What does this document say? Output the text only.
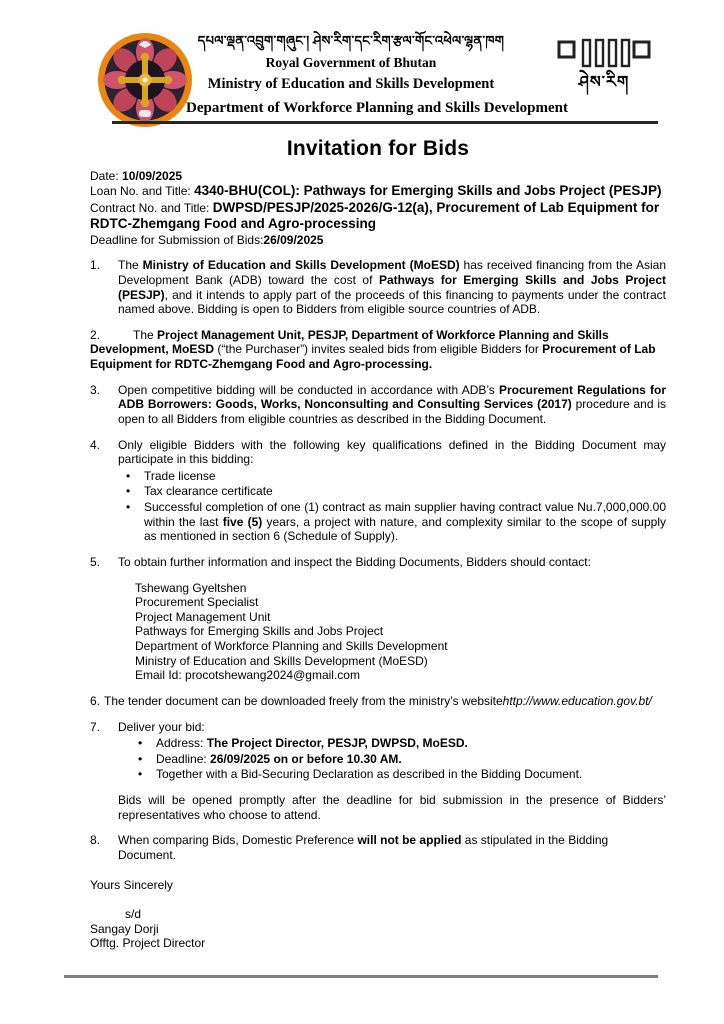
དཔལ་ལྡན་འབྲུག་གཞུང་། ཤེས་རིག་དང་རིག་རྩལ་གོང་འཕེལ་ལྷན་ཁག
Royal Government of Bhutan
Ministry of Education and Skills Development
Department of Workforce Planning and Skills Development
ཤེས་རིག
Invitation for Bids

Date: 10/09/2025

Loan No. and Title: 4340-BHU(COL): Pathways for Emerging Skills and Jobs Project (PESJP)

Contract No. and Title: DWPSD/PESJP/2025-2026/G-12(a), Procurement of Lab Equipment for RDTC-Zhemgang Food and Agro-processing

Deadline for Submission of Bids:26/09/2025

1.	The Ministry of Education and Skills Development (MoESD) has received financing from the Asian Development Bank (ADB) toward the cost of Pathways for Emerging Skills and Jobs Project (PESJP), and it intends to apply part of the proceeds of this financing to payments under the contract named above. Bidding is open to Bidders from eligible source countries of ADB.

2.	The Project Management Unit, PESJP, Department of Workforce Planning and Skills Development, MoESD (“the Purchaser”) invites sealed bids from eligible Bidders for Procurement of Lab Equipment for RDTC-Zhemgang Food and Agro-processing.

3.	Open competitive bidding will be conducted in accordance with ADB’s Procurement Regulations for ADB Borrowers: Goods, Works, Nonconsulting and Consulting Services (2017) procedure and is open to all Bidders from eligible countries as described in the Bidding Document.
4.	Only eligible Bidders with the following key qualifications defined in the Bidding Document may participate in this bidding:
•	Trade license
•	Tax clearance certificate
•	Successful completion of one (1) contract as main supplier having contract value Nu.7,000,000.00 within the last five (5) years, a project with nature, and complexity similar to the scope of supply as mentioned in section 6 (Schedule of Supply).
5.	To obtain further information and inspect the Bidding Documents, Bidders should contact:
Tshewang Gyeltshen
Procurement Specialist
Project Management Unit
Pathways for Emerging Skills and Jobs Project
Department of Workforce Planning and Skills Development
Ministry of Education and Skills Development (MoESD)
Email Id: procotshewang2024@gmail.com

6. The tender document can be downloaded freely from the ministry’s websitehttp://www.education.gov.bt/

7.	Deliver your bid:
•	Address: The Project Director, PESJP, DWPSD, MoESD.
•	Deadline: 26/09/2025 on or before 10.30 AM.
•	Together with a Bid-Securing Declaration as described in the Bidding Document.

Bids will be opened promptly after the deadline for bid submission in the presence of Bidders’ representatives who choose to attend.

8.	When comparing Bids, Domestic Preference will not be applied as stipulated in the Bidding Document.
Yours Sincerely
s/d
Sangay Dorji
Offtg. Project Director
